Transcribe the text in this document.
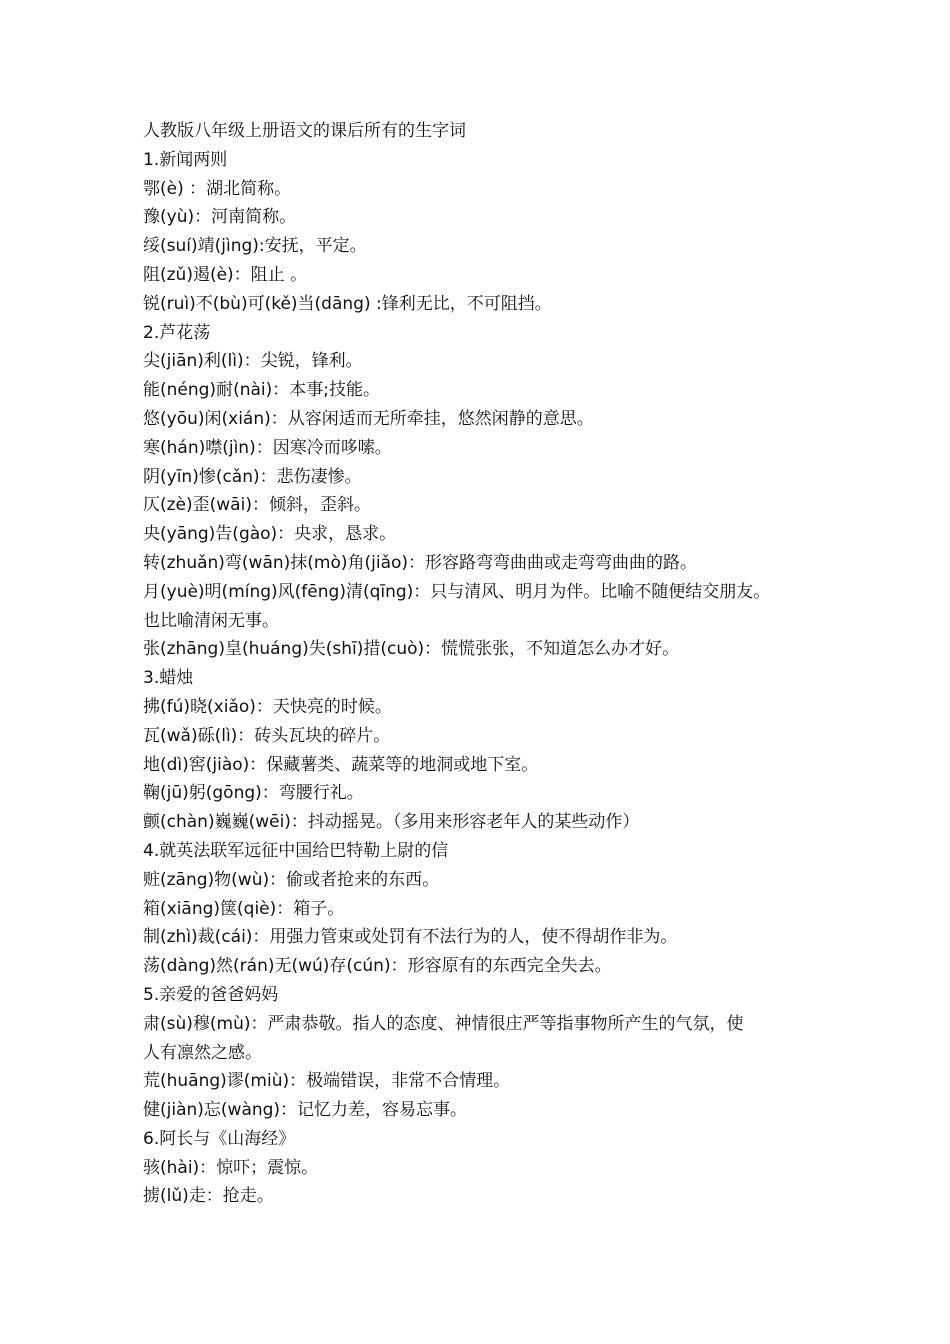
人教版八年级上册语文的课后所有的生字词
1.新闻两则
鄂(è) ：湖北简称。
豫(yù)：河南简称。
绥(suí)靖(jìng):安抚，平定。
阻(zǔ)遏(è)：阻止 。
锐(ruì)不(bù)可(kě)当(dāng) :锋利无比，不可阻挡。
2.芦花荡
尖(jiān)利(lì)：尖锐，锋利。
能(néng)耐(nài)：本事;技能。
悠(yōu)闲(xián)：从容闲适而无所牵挂，悠然闲静的意思。
寒(hán)噤(jìn)：因寒冷而哆嗦。
阴(yīn)惨(cǎn)：悲伤凄惨。
仄(zè)歪(wāi)：倾斜，歪斜。
央(yāng)告(gào)：央求，恳求。
转(zhuǎn)弯(wān)抹(mò)角(jiǎo)：形容路弯弯曲曲或走弯弯曲曲的路。
月(yuè)明(míng)风(fēng)清(qīng)：只与清风、明月为伴。比喻不随便结交朋友。
也比喻清闲无事。
张(zhāng)皇(huáng)失(shī)措(cuò)：慌慌张张，不知道怎么办才好。
3.蜡烛
拂(fú)晓(xiǎo)：天快亮的时候。
瓦(wǎ)砾(lì)：砖头瓦块的碎片。
地(dì)窖(jiào)：保藏薯类、蔬菜等的地洞或地下室。
鞠(jū)躬(gōng)：弯腰行礼。
颤(chàn)巍巍(wēi)：抖动摇晃。（多用来形容老年人的某些动作）
4.就英法联军远征中国给巴特勒上尉的信
赃(zāng)物(wù)：偷或者抢来的东西。
箱(xiāng)箧(qiè)：箱子。
制(zhì)裁(cái)：用强力管束或处罚有不法行为的人，使不得胡作非为。
荡(dàng)然(rán)无(wú)存(cún)：形容原有的东西完全失去。
5.亲爱的爸爸妈妈
肃(sù)穆(mù)：严肃恭敬。指人的态度、神情很庄严等指事物所产生的气氛，使
人有凛然之感。
荒(huāng)谬(miù)：极端错误，非常不合情理。
健(jiàn)忘(wàng)：记忆力差，容易忘事。
6.阿长与《山海经》
骇(hài)：惊吓；震惊。
掳(lǔ)走：抢走。
